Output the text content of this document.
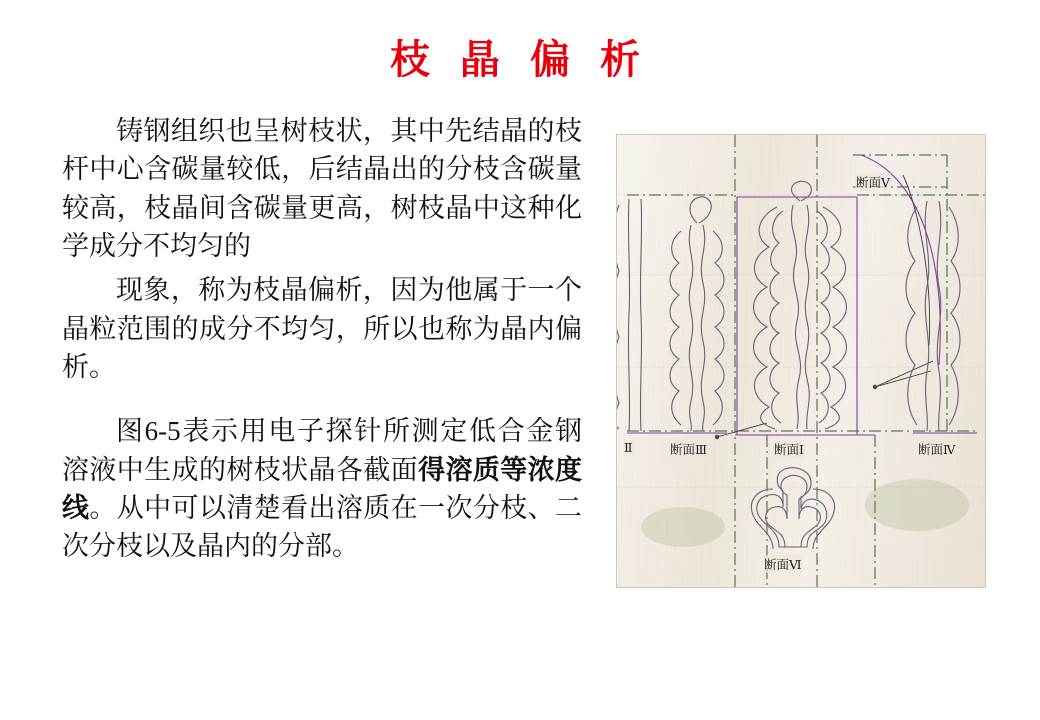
枝 晶 偏 析

铸钢组织也呈树枝状，其中先结晶的枝杆中心含碳量较低，后结晶出的分枝含碳量较高，枝晶间含碳量更高，树枝晶中这种化学成分不均匀的

现象，称为枝晶偏析，因为他属于一个晶粒范围的成分不均匀，所以也称为晶内偏析。

图6-5表示用电子探针所测定低合金钢溶液中生成的树枝状晶各截面得溶质等浓度线。从中可以清楚看出溶质在一次分枝、二次分枝以及晶内的分部。

断面Ⅴ
Ⅱ	断面Ⅲ	断面Ⅰ	断面Ⅳ
断面Ⅵ
